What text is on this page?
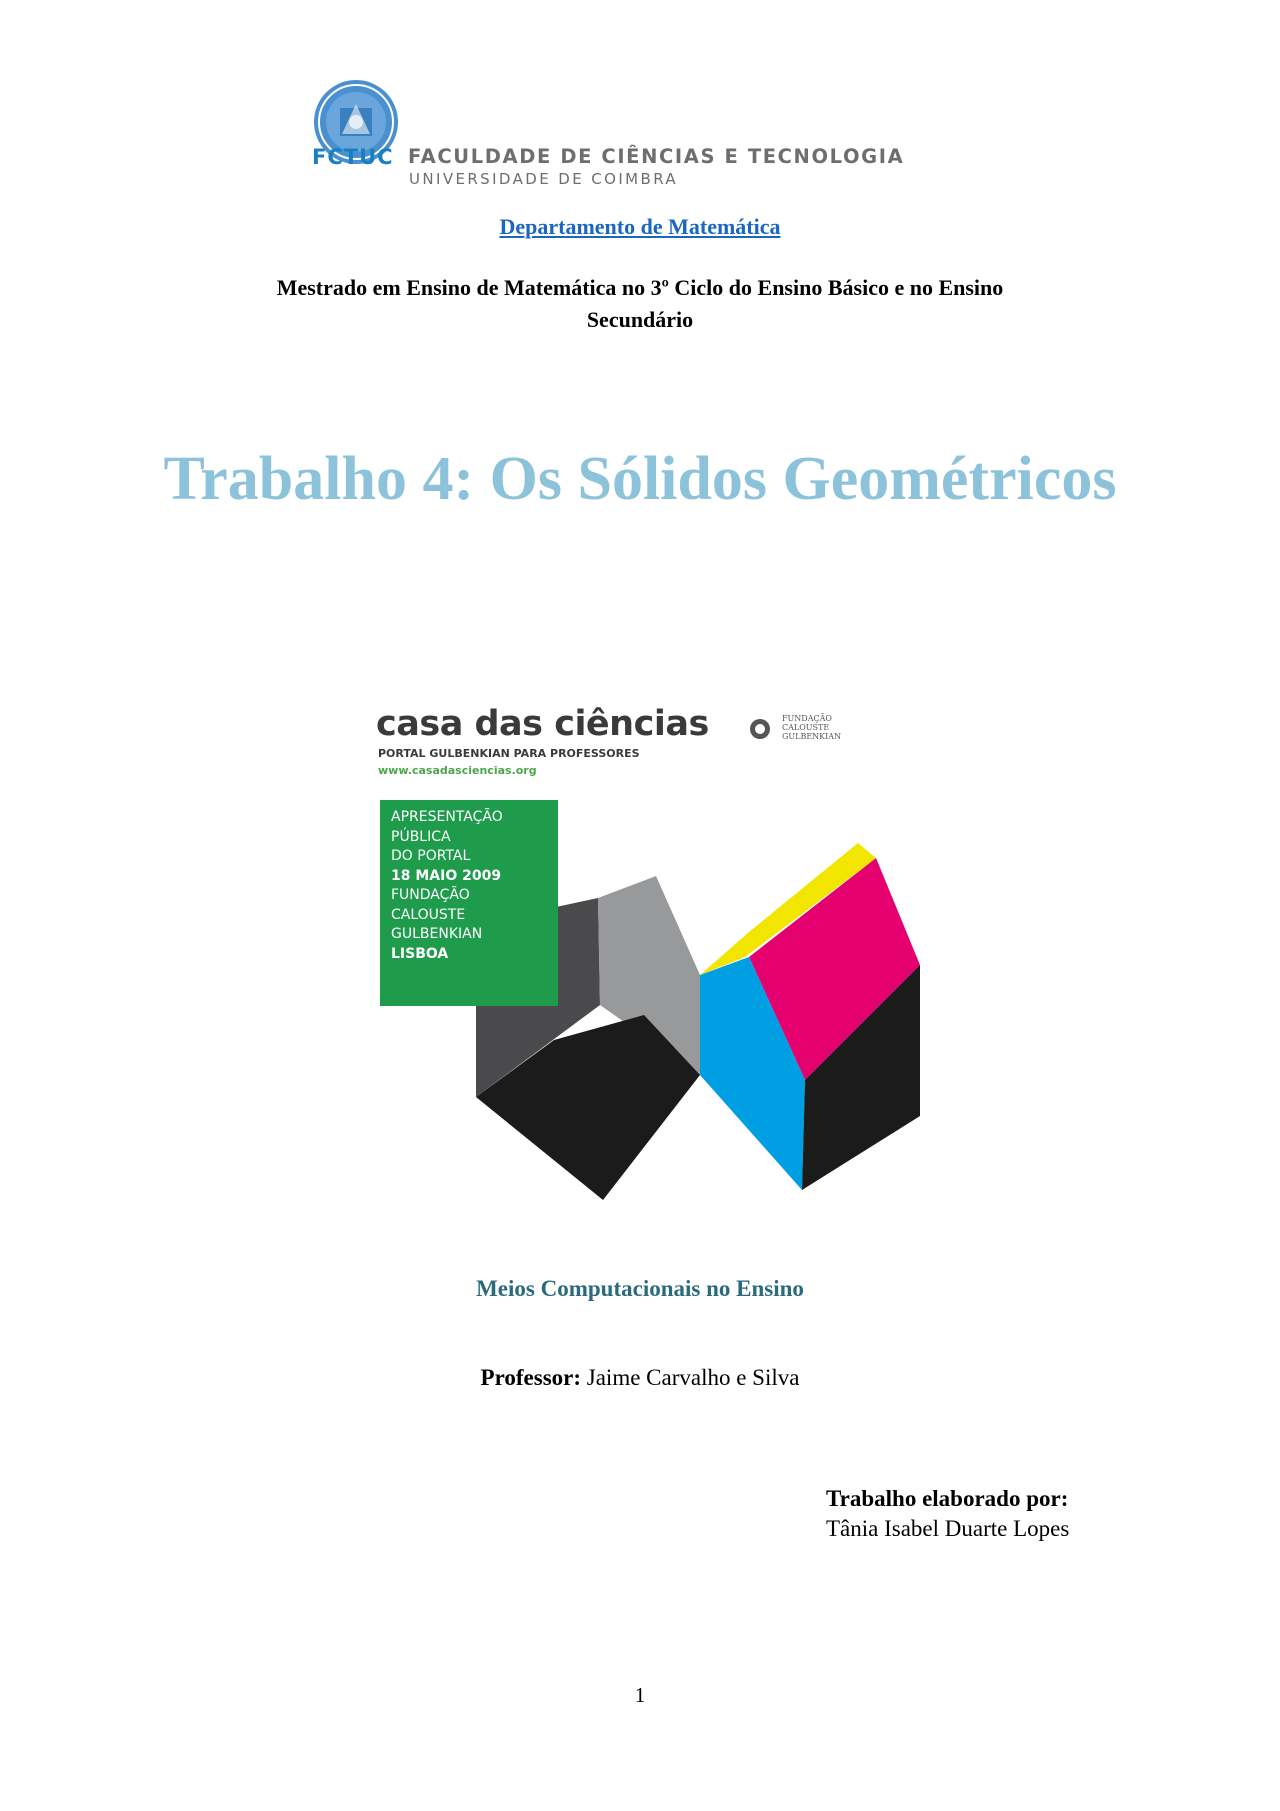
FCTUC FACULDADE DE CIÊNCIAS E TECNOLOGIA
UNIVERSIDADE DE COIMBRA
Departamento de Matemática
Mestrado em Ensino de Matemática no 3º Ciclo do Ensino Básico e no Ensino
Secundário
Trabalho 4: Os Sólidos Geométricos
casa das ciências
PORTAL GULBENKIAN PARA PROFESSORES
www.casadasciencias.org
FUNDAÇÃO
CALOUSTE
GULBENKIAN
APRESENTAÇÃO
PÚBLICA
DO PORTAL
18 MAIO 2009
FUNDAÇÃO
CALOUSTE
GULBENKIAN
LISBOA
Meios Computacionais no Ensino
Professor: Jaime Carvalho e Silva
Trabalho elaborado por:
Tânia Isabel Duarte Lopes
1
